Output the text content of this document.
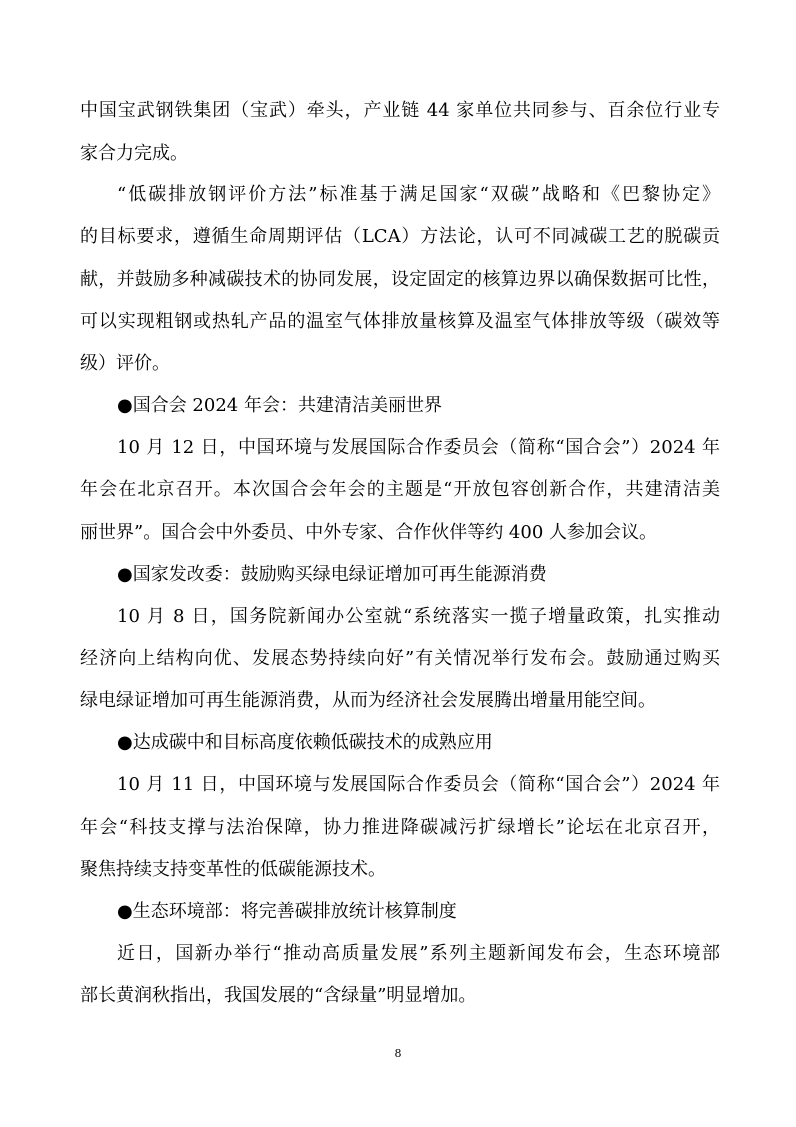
中国宝武钢铁集团（宝武）牵头，产业链 44 家单位共同参与、百余位行业专
家合力完成。
“低碳排放钢评价方法”标准基于满足国家“双碳”战略和《巴黎协定》
的目标要求，遵循生命周期评估（LCA）方法论，认可不同减碳工艺的脱碳贡
献，并鼓励多种减碳技术的协同发展，设定固定的核算边界以确保数据可比性，
可以实现粗钢或热轧产品的温室气体排放量核算及温室气体排放等级（碳效等
级）评价。
●国合会 2024 年会：共建清洁美丽世界
10 月 12 日，中国环境与发展国际合作委员会（简称“国合会”）2024 年
年会在北京召开。本次国合会年会的主题是“开放包容创新合作，共建清洁美
丽世界”。国合会中外委员、中外专家、合作伙伴等约 400 人参加会议。
●国家发改委：鼓励购买绿电绿证增加可再生能源消费
10 月 8 日，国务院新闻办公室就“系统落实一揽子增量政策，扎实推动
经济向上结构向优、发展态势持续向好”有关情况举行发布会。鼓励通过购买
绿电绿证增加可再生能源消费，从而为经济社会发展腾出增量用能空间。
●达成碳中和目标高度依赖低碳技术的成熟应用
10 月 11 日，中国环境与发展国际合作委员会（简称“国合会”）2024 年
年会“科技支撑与法治保障，协力推进降碳减污扩绿增长”论坛在北京召开，
聚焦持续支持变革性的低碳能源技术。
●生态环境部：将完善碳排放统计核算制度
近日，国新办举行“推动高质量发展”系列主题新闻发布会，生态环境部
部长黄润秋指出，我国发展的“含绿量”明显增加。
8
